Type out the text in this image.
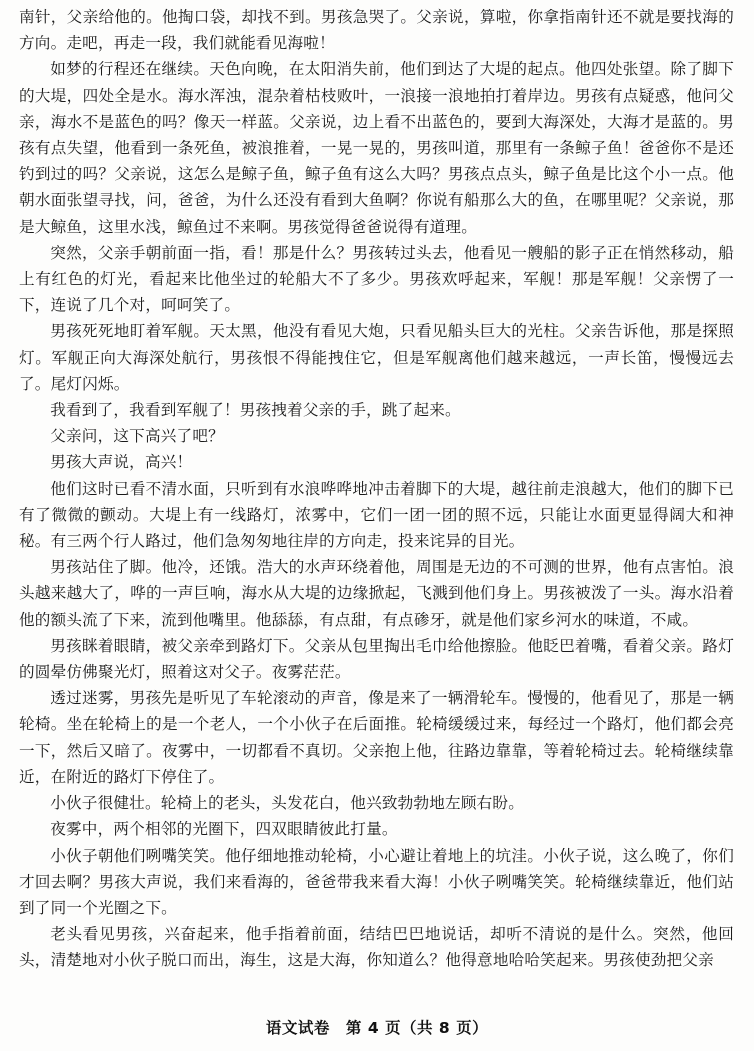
南针，父亲给他的。他掏口袋，却找不到。男孩急哭了。父亲说，算啦，你拿指南针还不就是要找海的方向。走吧，再走一段，我们就能看见海啦！

如梦的行程还在继续。天色向晚，在太阳消失前，他们到达了大堤的起点。他四处张望。除了脚下的大堤，四处全是水。海水浑浊，混杂着枯枝败叶，一浪接一浪地拍打着岸边。男孩有点疑惑，他问父亲，海水不是蓝色的吗？像天一样蓝。父亲说，边上看不出蓝色的，要到大海深处，大海才是蓝的。男孩有点失望，他看到一条死鱼，被浪推着，一晃一晃的，男孩叫道，那里有一条鲸子鱼！爸爸你不是还钓到过的吗？父亲说，这怎么是鲸子鱼，鲸子鱼有这么大吗？男孩点点头，鲸子鱼是比这个小一点。他朝水面张望寻找，问，爸爸，为什么还没有看到大鱼啊？你说有船那么大的鱼，在哪里呢？父亲说，那是大鲸鱼，这里水浅，鲸鱼过不来啊。男孩觉得爸爸说得有道理。

突然，父亲手朝前面一指，看！那是什么？男孩转过头去，他看见一艘船的影子正在悄然移动，船上有红色的灯光，看起来比他坐过的轮船大不了多少。男孩欢呼起来，军舰！那是军舰！父亲愣了一下，连说了几个对，呵呵笑了。

男孩死死地盯着军舰。天太黑，他没有看见大炮，只看见船头巨大的光柱。父亲告诉他，那是探照灯。军舰正向大海深处航行，男孩恨不得能拽住它，但是军舰离他们越来越远，一声长笛，慢慢远去了。尾灯闪烁。

我看到了，我看到军舰了！男孩拽着父亲的手，跳了起来。

父亲问，这下高兴了吧？

男孩大声说，高兴！

他们这时已看不清水面，只听到有水浪哗哗地冲击着脚下的大堤，越往前走浪越大，他们的脚下已有了微微的颤动。大堤上有一线路灯，浓雾中，它们一团一团的照不远，只能让水面更显得阔大和神秘。有三两个行人路过，他们急匆匆地往岸的方向走，投来诧异的目光。

男孩站住了脚。他冷，还饿。浩大的水声环绕着他，周围是无边的不可测的世界，他有点害怕。浪头越来越大了，哗的一声巨响，海水从大堤的边缘掀起，飞溅到他们身上。男孩被泼了一头。海水沿着他的额头流了下来，流到他嘴里。他舔舔，有点甜，有点碜牙，就是他们家乡河水的味道，不咸。

男孩眯着眼睛，被父亲牵到路灯下。父亲从包里掏出毛巾给他擦脸。他眨巴着嘴，看着父亲。路灯的圆晕仿佛聚光灯，照着这对父子。夜雾茫茫。

透过迷雾，男孩先是听见了车轮滚动的声音，像是来了一辆滑轮车。慢慢的，他看见了，那是一辆轮椅。坐在轮椅上的是一个老人，一个小伙子在后面推。轮椅缓缓过来，每经过一个路灯，他们都会亮一下，然后又暗了。夜雾中，一切都看不真切。父亲抱上他，往路边靠靠，等着轮椅过去。轮椅继续靠近，在附近的路灯下停住了。

小伙子很健壮。轮椅上的老头，头发花白，他兴致勃勃地左顾右盼。

夜雾中，两个相邻的光圈下，四双眼睛彼此打量。

小伙子朝他们咧嘴笑笑。他仔细地推动轮椅，小心避让着地上的坑洼。小伙子说，这么晚了，你们才回去啊？男孩大声说，我们来看海的，爸爸带我来看大海！小伙子咧嘴笑笑。轮椅继续靠近，他们站到了同一个光圈之下。

老头看见男孩，兴奋起来，他手指着前面，结结巴巴地说话，却听不清说的是什么。突然，他回头，清楚地对小伙子脱口而出，海生，这是大海，你知道么？他得意地哈哈笑起来。男孩使劲把父亲

语文试卷　第 4 页（共 8 页）
